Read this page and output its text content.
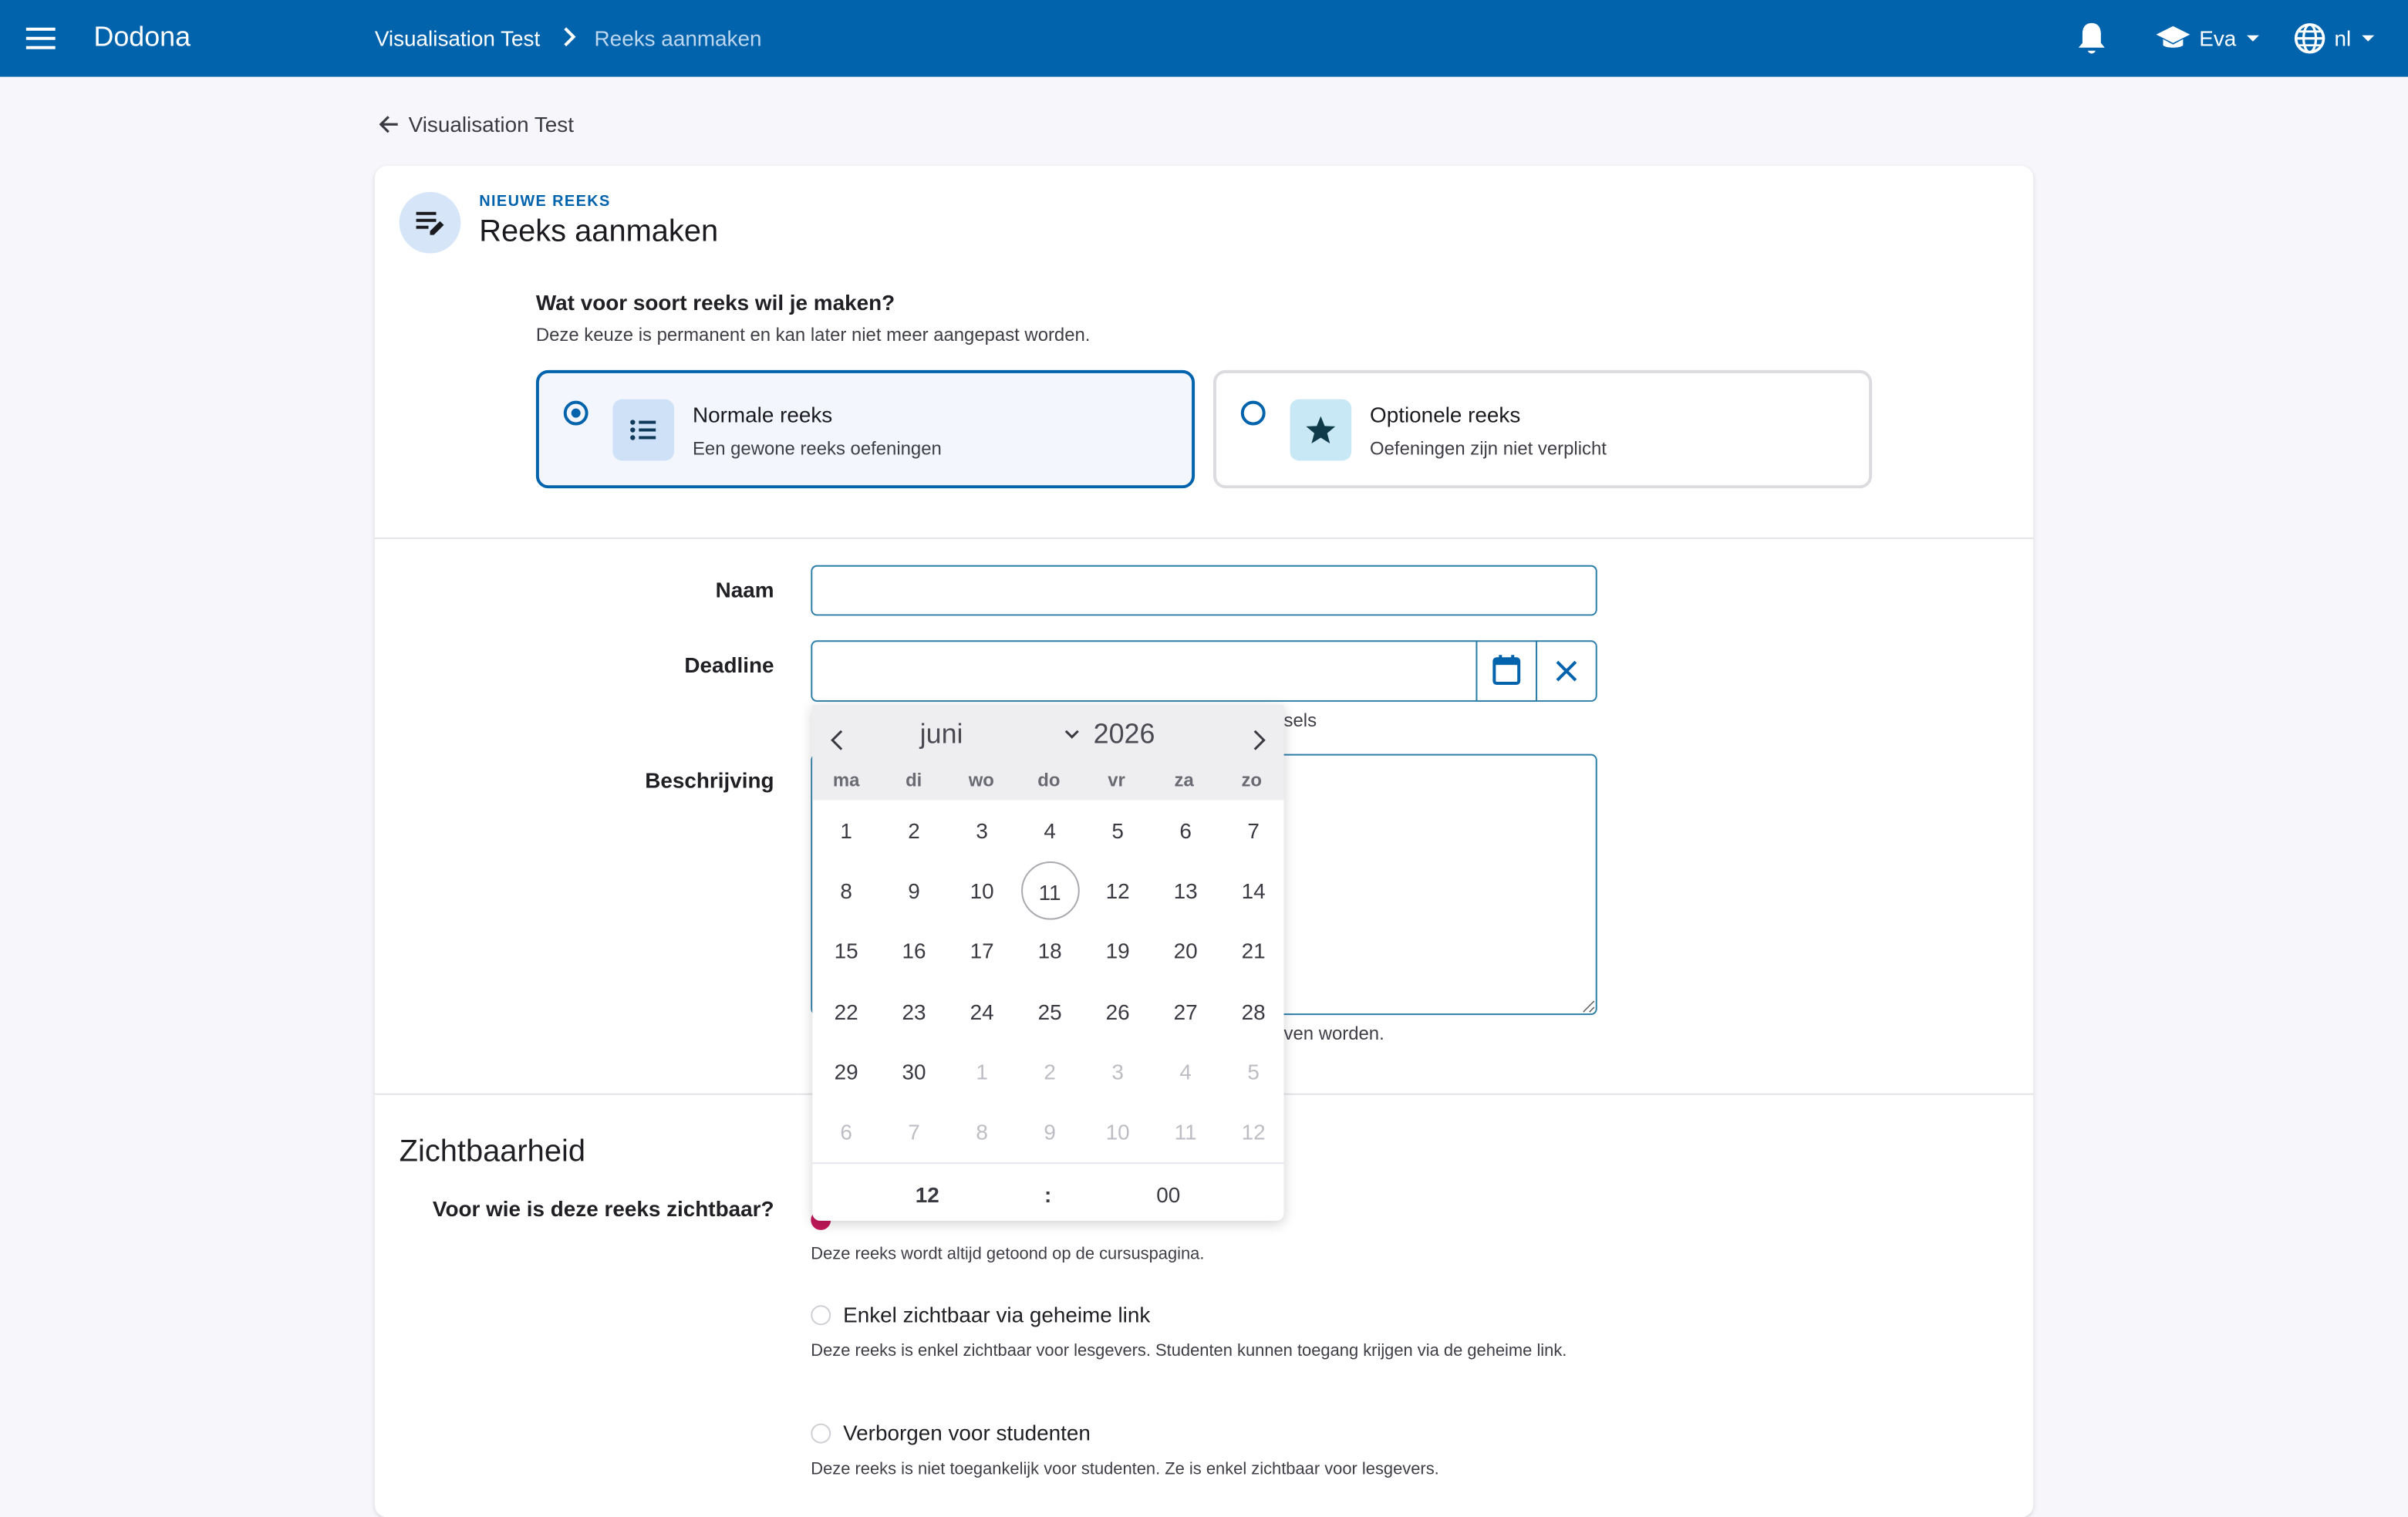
Dodona	Visualisation Test	Reeks aanmaken	Eva	nl
Visualisation Test
NIEUWE REEKS
Reeks aanmaken
Wat voor soort reeks wil je maken?
Deze keuze is permanent en kan later niet meer aangepast worden.
Normale reeks
Een gewone reeks oefeningen
Optionele reeks
Oefeningen zijn niet verplicht
Naam
Deadline
sels
Beschrijving
ven worden.
Zichtbaarheid
Voor wie is deze reeks zichtbaar?
Deze reeks wordt altijd getoond op de cursuspagina.
Enkel zichtbaar via geheime link
Deze reeks is enkel zichtbaar voor lesgevers. Studenten kunnen toegang krijgen via de geheime link.
Verborgen voor studenten
Deze reeks is niet toegankelijk voor studenten. Ze is enkel zichtbaar voor lesgevers.
juni	2026
ma	di	wo	do	vr	za	zo
1	2	3	4	5	6	7
8	9	10	11	12	13	14
15	16	17	18	19	20	21
22	23	24	25	26	27	28
29	30	1	2	3	4	5
6	7	8	9	10	11	12
12	:	00
